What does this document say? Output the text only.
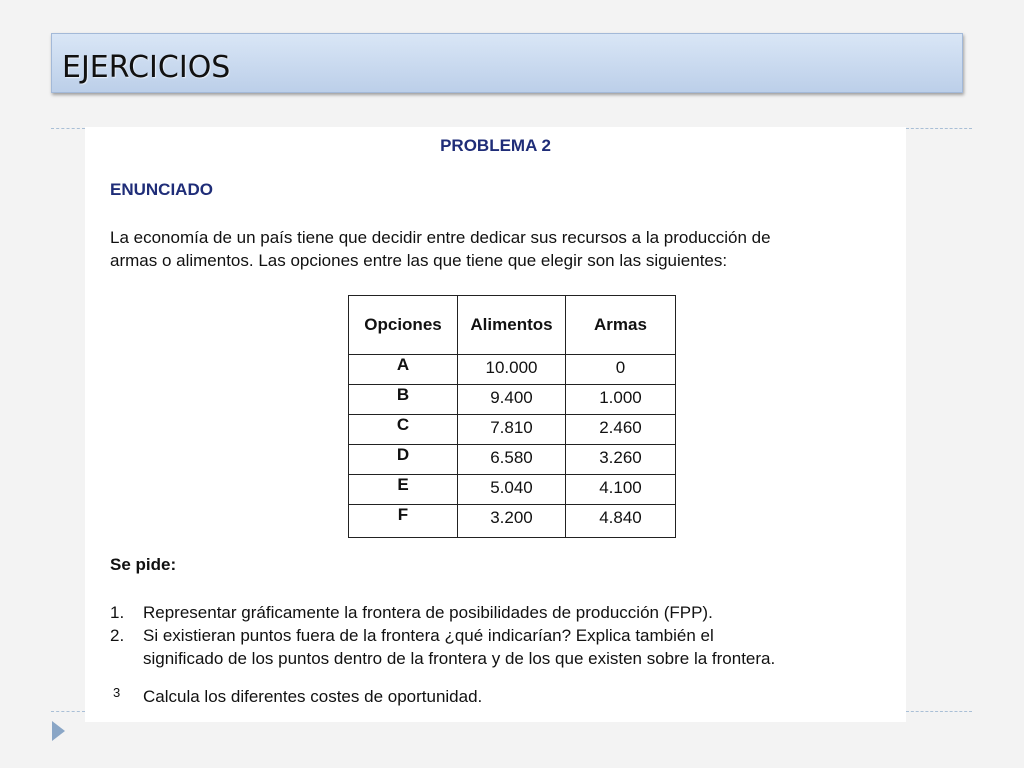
EJERCICIOS
PROBLEMA 2
ENUNCIADO
La economía de un país tiene que decidir entre dedicar sus recursos a la producción de
armas o alimentos. Las opciones entre las que tiene que elegir son las siguientes:
Opciones	Alimentos	Armas
A	10.000	0
B	9.400	1.000
C	7.810	2.460
D	6.580	3.260
E	5.040	4.100
F	3.200	4.840
Se pide:
1. Representar gráficamente la frontera de posibilidades de producción (FPP).
2. Si existieran puntos fuera de la frontera ¿qué indicarían? Explica también el
significado de los puntos dentro de la frontera y de los que existen sobre la frontera.
3 Calcula los diferentes costes de oportunidad.
